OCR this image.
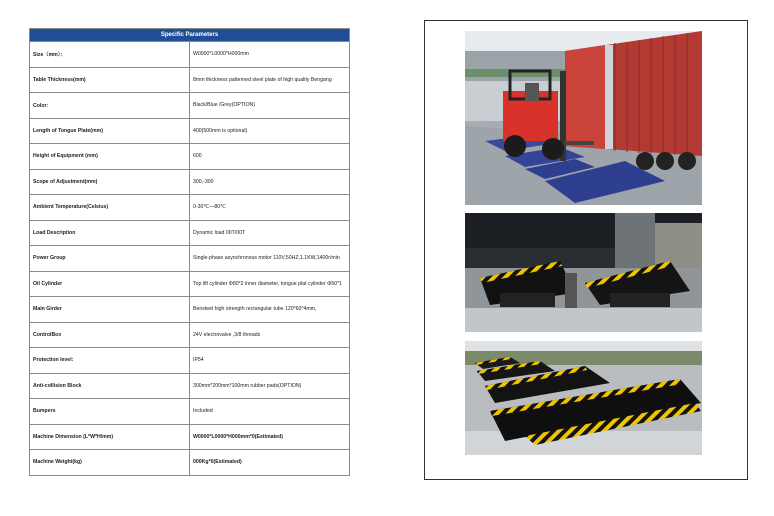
Specific Parameters	
Size（mm）：	W0000*L0000*H000mm
Table Thickness(mm)	8mm thickness patterned steel plate of high quality Bengang
Color：	Black/Blue /Grey(OPTION)
Length of Tongue Plate(mm)	400(500mm is optional)
Height of Equipment (mm)	600
Scope of Adjustment(mm)	300,-300
Ambient Temperature(Celsius)	0-30℃—80℃
Load Description	Dynamic load 00T/00T
Power Group	Single-phase asynchronous motor 110V,50HZ,1.1KW,1400r/min
Oil Cylinder	Top lift cylinder Φ80*2 inner diameter, tongue plat cylinder Φ50*1
Main Girder	Bensteel high strength rectangular tube 120*60*4mm,
ControlBox	24V electrovalve ,3/8 threads
Protection level:	IP54
Anti-collision Block	300mm*200mm*100mm rubber pads(OPTION)
Bumpers	Included
Machine Dimension (L*W*H/mm)	W0000*L0000*H000mm*0(Estimated)
Machine Weight(kg)	000Kg*0(Estimated)
